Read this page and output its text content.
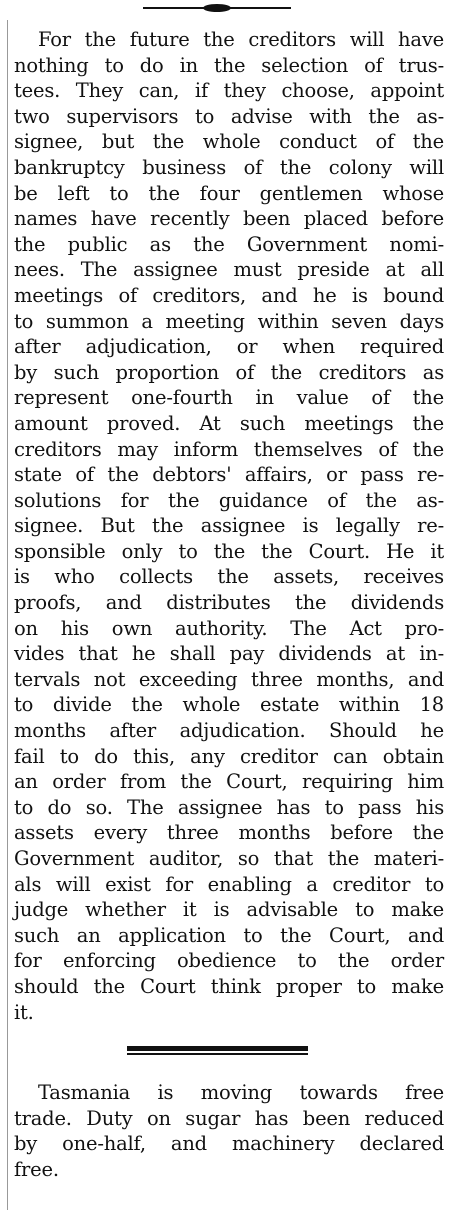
For the future the creditors will have
nothing to do in the selection of trus-
tees. They can, if they choose, appoint
two supervisors to advise with the as-
signee, but the whole conduct of the
bankruptcy business of the colony will
be left to the four gentlemen whose
names have recently been placed before
the public as the Government nomi-
nees. The assignee must preside at all
meetings of creditors, and he is bound
to summon a meeting within seven days
after adjudication, or when required
by such proportion of the creditors as
represent one-fourth in value of the
amount proved. At such meetings the
creditors may inform themselves of the
state of the debtors' affairs, or pass re-
solutions for the guidance of the as-
signee. But the assignee is legally re-
sponsible only to the the Court. He it
is who collects the assets, receives
proofs, and distributes the dividends
on his own authority. The Act pro-
vides that he shall pay dividends at in-
tervals not exceeding three months, and
to divide the whole estate within 18
months after adjudication. Should he
fail to do this, any creditor can obtain
an order from the Court, requiring him
to do so. The assignee has to pass his
assets every three months before the
Government auditor, so that the materi-
als will exist for enabling a creditor to
judge whether it is advisable to make
such an application to the Court, and
for enforcing obedience to the order
should the Court think proper to make
it.
Tasmania is moving towards free
trade. Duty on sugar has been reduced
by one-half, and machinery declared
free.
